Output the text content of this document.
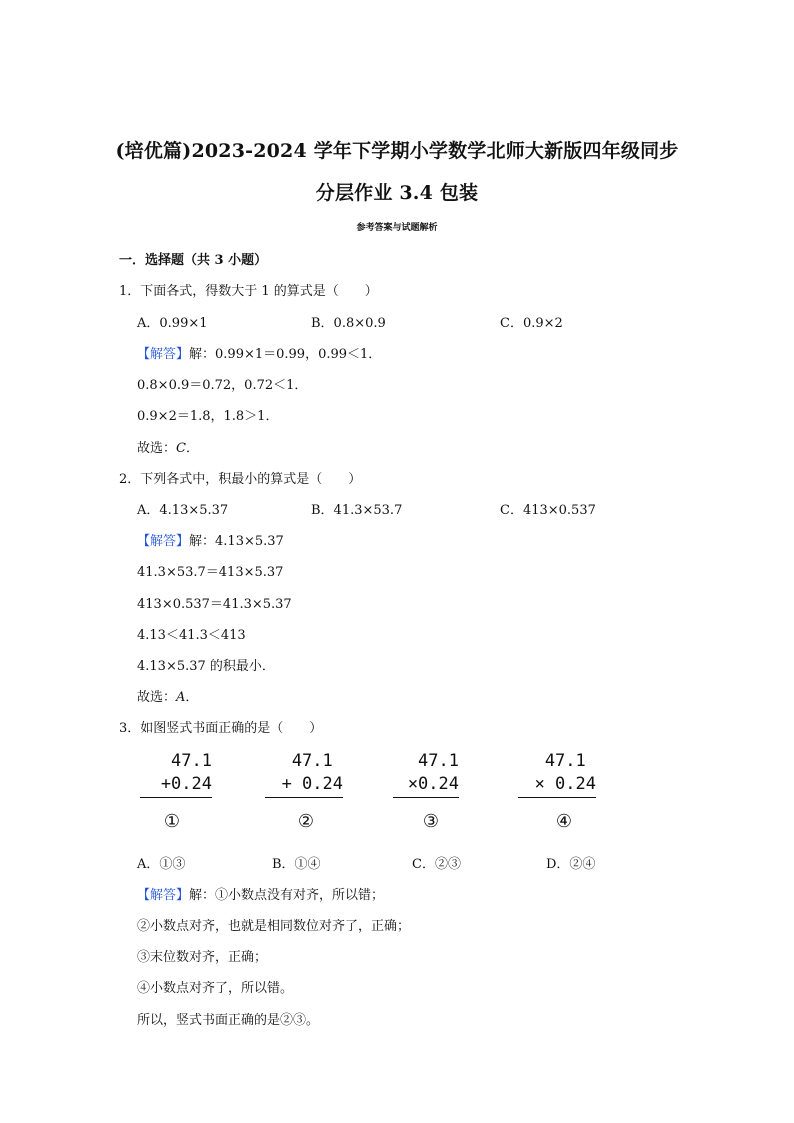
(培优篇)2023-2024 学年下学期小学数学北师大新版四年级同步
分层作业 3.4 包装
参考答案与试题解析
一．选择题（共 3 小题）
1．下面各式，得数大于 1 的算式是（　　）
A．0.99×1	B．0.8×0.9	C．0.9×2
【解答】解：0.99×1＝0.99，0.99＜1．
0.8×0.9＝0.72，0.72＜1．
0.9×2＝1.8，1.8＞1．
故选：C．
2．下列各式中，积最小的算式是（　　）
A．4.13×5.37	B．41.3×53.7	C．413×0.537
【解答】解：4.13×5.37
41.3×53.7＝413×5.37
413×0.537＝41.3×5.37
4.13＜41.3＜413
4.13×5.37 的积最小．
故选：A．
3．如图竖式书面正确的是（　　）
47.1
+0.24
47.1
+ 0.24
47.1
×0.24
47.1
× 0.24
①	②	③	④
A．①③	B．①④	C．②③	D．②④
【解答】解：①小数点没有对齐，所以错；
②小数点对齐，也就是相同数位对齐了，正确；
③末位数对齐，正确；
④小数点对齐了，所以错。
所以，竖式书面正确的是②③。
